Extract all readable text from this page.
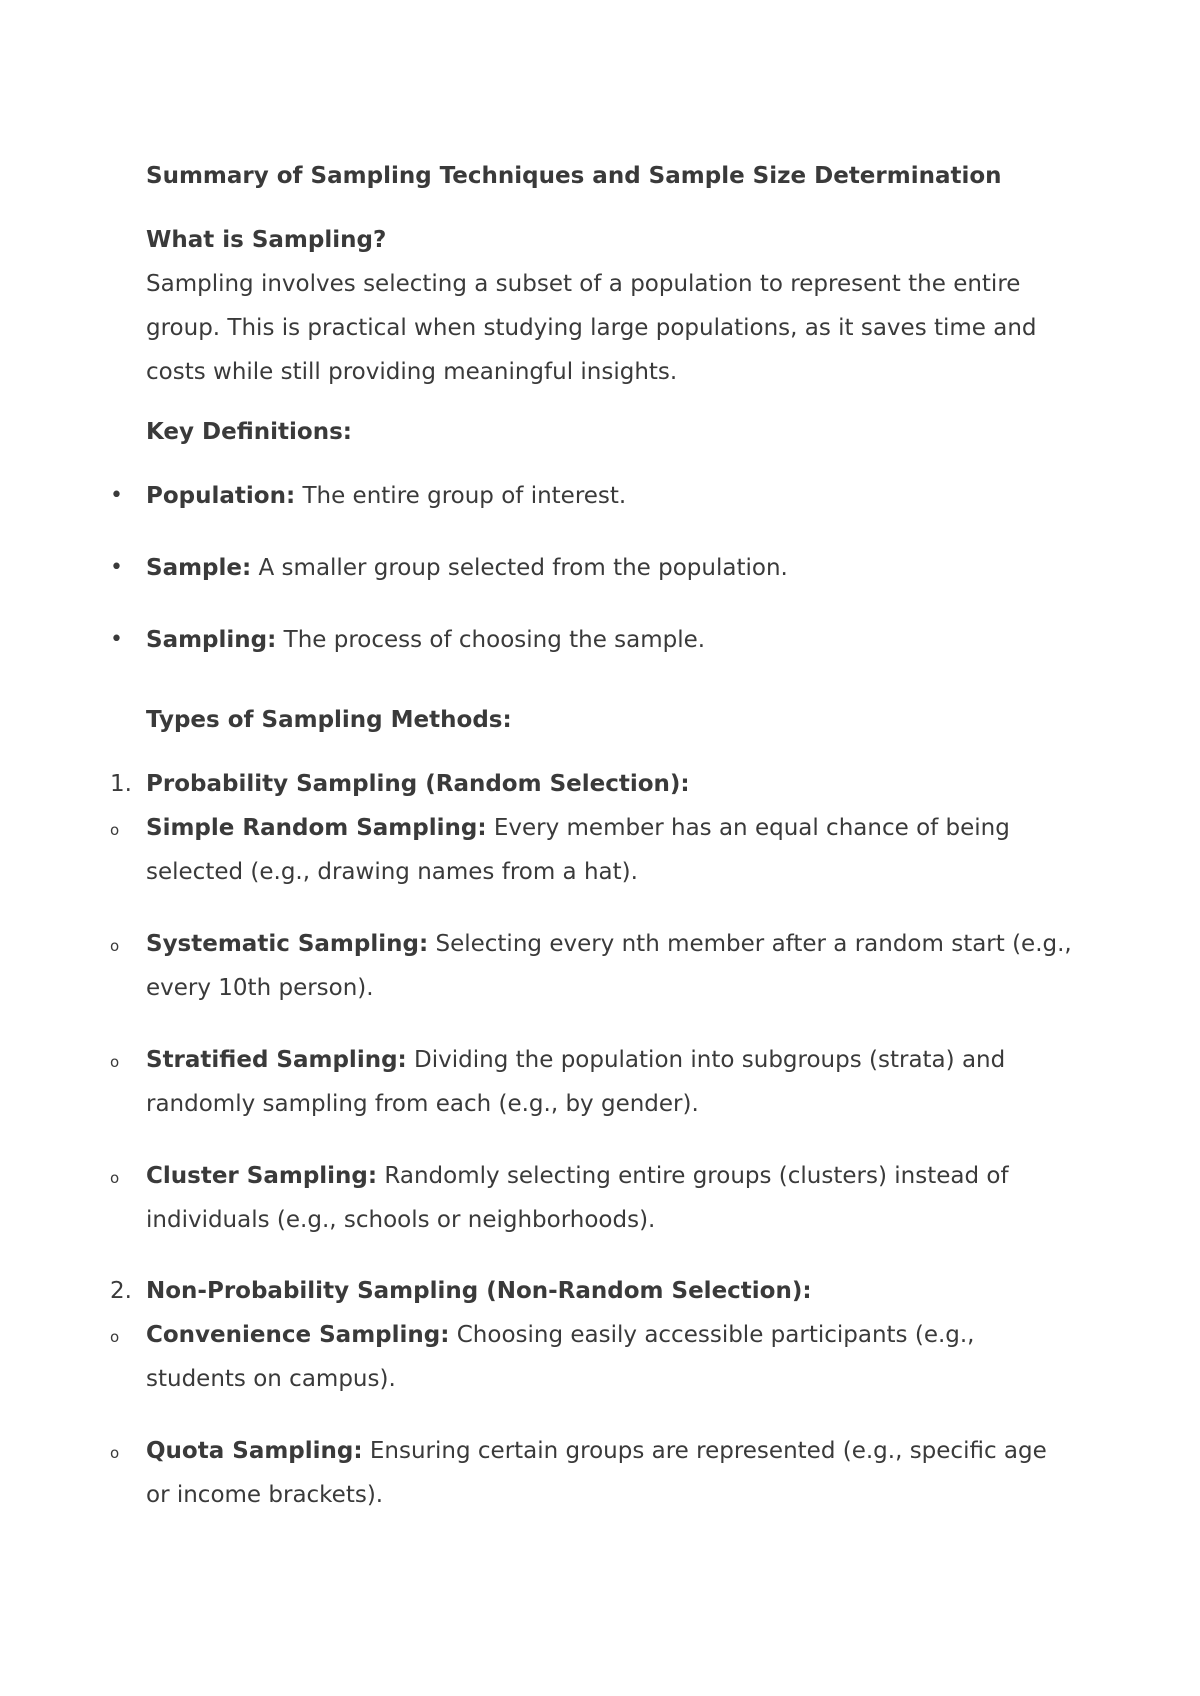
Summary of Sampling Techniques and Sample Size Determination
What is Sampling?

Sampling involves selecting a subset of a population to represent the entire group. This is practical when studying large populations, as it saves time and costs while still providing meaningful insights.

Key Definitions:
•	Population: The entire group of interest.
•	Sample: A smaller group selected from the population.
•	Sampling: The process of choosing the sample.
Types of Sampling Methods:
1. Probability Sampling (Random Selection):
o	Simple Random Sampling: Every member has an equal chance of being selected (e.g., drawing names from a hat).
o	Systematic Sampling: Selecting every nth member after a random start (e.g., every 10th person).
o	Stratified Sampling: Dividing the population into subgroups (strata) and randomly sampling from each (e.g., by gender).
o	Cluster Sampling: Randomly selecting entire groups (clusters) instead of individuals (e.g., schools or neighborhoods).
2. Non-Probability Sampling (Non-Random Selection):
o	Convenience Sampling: Choosing easily accessible participants (e.g., students on campus).
o	Quota Sampling: Ensuring certain groups are represented (e.g., specific age or income brackets).
